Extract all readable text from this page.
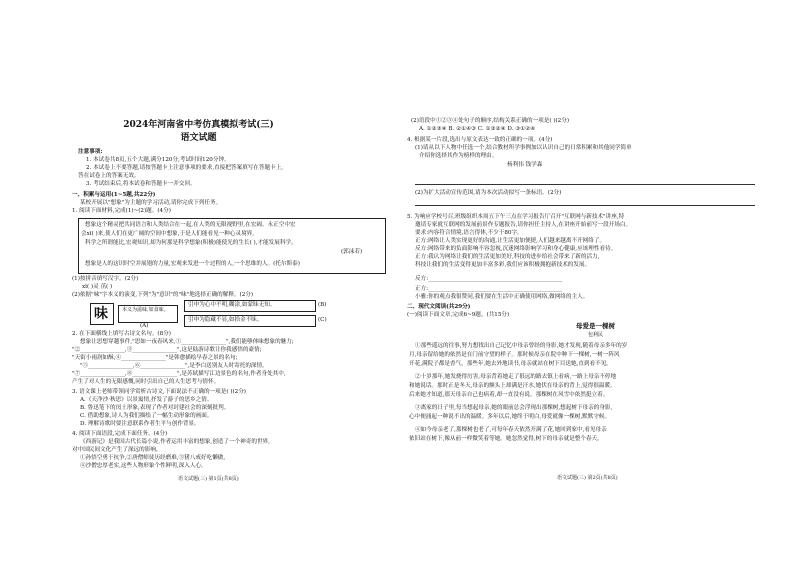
2024年河南省中考仿真模拟考试(三)
语文试题
注意事项:
1. 本试卷共8页,五个大题,满分120分,考试时间120分钟。
2. 本试卷上不要答题,请按答题卡上注意事项的要求,直接把答案填写在答题卡上,
答在试卷上的答案无效。
3. 考试结束后,将本试卷和答题卡一并交回。
一、积累与运用(1~5题,共22分)
某校开展以"想象"为主题的学习活动,请你完成下列任务。
1. 阅读下面材料,完成(1)~(2)题。(4分)
想象这个精灵把共同语言和人类结合在一起,在人类的无限视野里,在宏阔、永正空中宏
会xī( )来,使人们在更广阔的空间中想象,于是人们能看见一种心灵境界,
科学之所谓能比,宏观知识,却为何那是科学想象(积极)能使光的生长( ),才能发展科学。
(郭沫若)
想象是人的这识时空并展翅的力量,宏观来发进一个过程的人,一个思维的人。(托尔斯泰)
(1)按拼音填写汉字。(2分)
xī( )灵 茁( )
(2)依据"味"字本义的演变,下列"为"意识"的"味"地选择正确的解释。(2分)
味	本义为滋味,如食味。
引申为心中不明,糊涂,如蒙昧无知。
引申为隐藏不显,如拾金不昧。
(B)
(C)
(A)
2. 在下面横线上填写古诗文名句。(8分)
想象让思想穿越事件,"思如一夜春风来,①________________",我们能够体味想象的魅力;
"②________________,③________________",这是陆游诗歌让你我感悟的豪情;
"天街小雨润如酥,④________________"是韩愈描绘早春之景的名句;
"⑤________________,⑥________________",是李白送别友人时寄托的深情。
"⑦________________,⑧________________",是苏轼描写江边景色的名句,作者身处其中,
产生了对人生的无限感慨,同时引出自己的人生思考与情怀。
3. 语文课上老师带领同学赏析古诗文,下面说法不正确的一项是( )(2分)
A.《天净沙·秋思》以景寓情,抒发了游子的思乡之情。
B. 鲁迅笔下的闰土形象,表现了作者对封建社会的深刻批判。
C. 借助想象,诗人为我们描绘了一幅生动形象的画面。
D. 理解诗歌时要注意联系作者生平与创作背景。
4. 阅读下面语段,完成下面任务。(4分)
《西游记》是我国古代长篇小说,作者运用丰富的想象,创造了一个神奇的世界,
对中国民间文化产生了深远的影响。
①孙悟空勇于抗争,②唐僧师徒历经磨难,③猪八戒好吃懒做,
④沙僧忠厚老实,这些人物形象个性鲜明,深入人心。
语文试题(三) 第1页(共8页)
(2)语段中①②③④处句子的顺序,结构关系正确的一项是( )(2分)
A. ①②③④ B. ②①④③ C. ①③②④ D. ③①②④
4. 根据某一片段,选出与原文表达一致的正确的一项。(4分)
(1)请从以下人物中任选一个,结合教材所学事例加以认识自己的日常积累和其他同学简单
介绍你选择其作为榜样的理由。
杨利伟 钱学森
(2)为扩大活动宣传范围,请为本次活动拟写一条标语。(2分)
5. 为响应学校号召,班级组织本周五下午三点在学习报告厅召开"互联网与新技术"讲座,特
邀请专家就互联网的发展前景作专题报告,请你担任主持人,在讲座开始前写一段开场白。
要求:内容符合情境,语言得体,不少于80字。
正方:网络让人类实现更好的沟通,让生活更加便捷,人们越来越离不开网络了。
反方:网络带来的负面影响不容忽视,沉迷网络影响学习和身心健康,应该理性看待。
正方:我认为网络让我们的生活更加美好,科技的进步给社会带来了新的活力,
科技让我们的生活变得更加丰富多彩,我们应该积极拥抱新技术的发展。
反方:________________________________________________
正方:________________________________________________
小雅:你的观点我很赞同,我们要在生活中正确使用网络,做网络的主人。
二、现代文阅读(共29分)
(一)阅读下面文章,完成6~9题。(共15分)
母爱是一棵树
包利民
①那些遥远的往事,努力想找出自己记忆中母亲曾经的身影,她才发现,随着母亲多年的岁
月,母亲留给她的依然是在门前守望的样子。那时候母亲在院中种下一棵树,一树一阵风
开花,满院子都是香气。那些年,她去外地读书,母亲就站在树下目送她,直到看不见。
②十岁那年,她发烧得厉害,母亲背着她走了很远的路去镇上看病,一路上母亲不停地
和她说话。那时正是冬天,母亲的额头上却满是汗水,她伏在母亲的背上,觉得很温暖。
后来她才知道,那天母亲自己也病着,却一直没有说。那棵树在风雪中依然挺立着。
③离家的日子里,每当想起母亲,她的眼前总会浮现出那棵树,想起树下母亲的身影,
心中便涌起一种说不出的温暖。多年以后,她终于明白,母爱就像一棵树,默默守候。
④如今母亲老了,那棵树也老了,可每年春天依然开满了花,她回到家中,看见母亲
依旧站在树下,像从前一样微笑着等她。她忽然觉得,树下的母亲就是整个春天。
语文试题(三) 第2页(共8页)
